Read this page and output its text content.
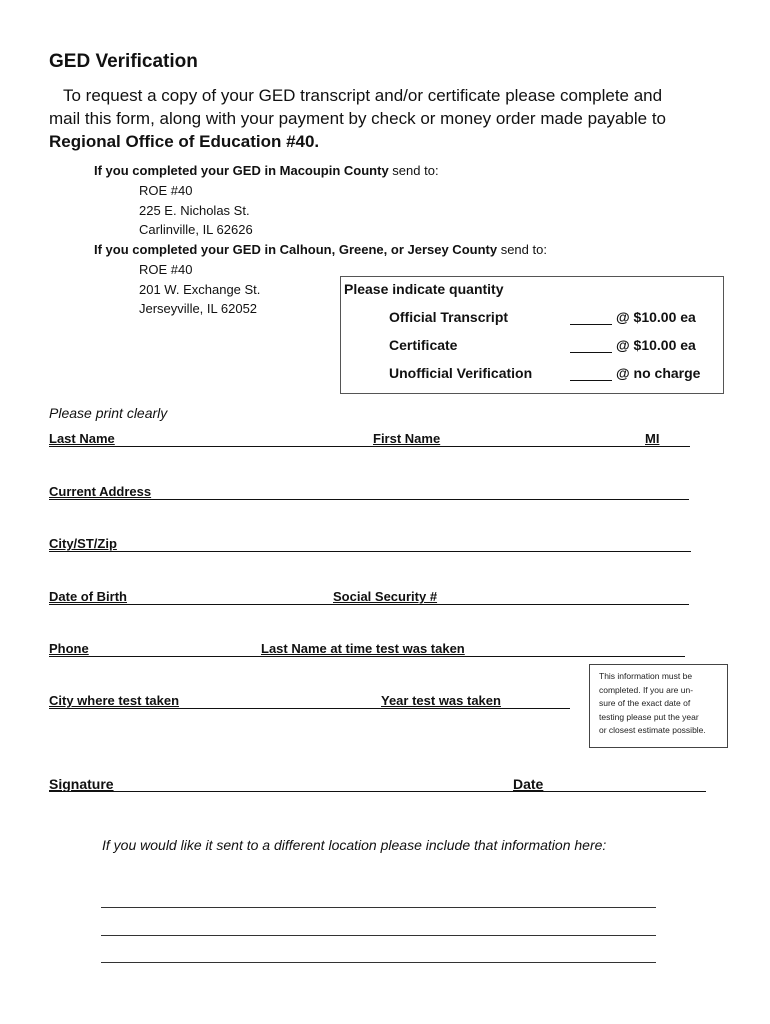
GED Verification
To request a copy of your GED transcript and/or certificate please complete and
mail this form, along with your payment by check or money order made payable to
Regional Office of Education #40.
If you completed your GED in Macoupin County send to:
ROE #40
225 E. Nicholas St.
Carlinville, IL 62626
If you completed your GED in Calhoun, Greene, or Jersey County send to:
ROE #40
201 W. Exchange St.
Jerseyville, IL 62052
Please indicate quantity
Official Transcript	@ $10.00 ea
Certificate	@ $10.00 ea
Unofficial Verification	@ no charge
Please print clearly
Last Name	First Name	MI
Current Address
City/ST/Zip
Date of Birth	Social Security #
Phone	Last Name at time test was taken
City where test taken	Year test was taken
This information must be
completed. If you are un-
sure of the exact date of
testing please put the year
or closest estimate possible.
Signature	Date
If you would like it sent to a different location please include that information here:
